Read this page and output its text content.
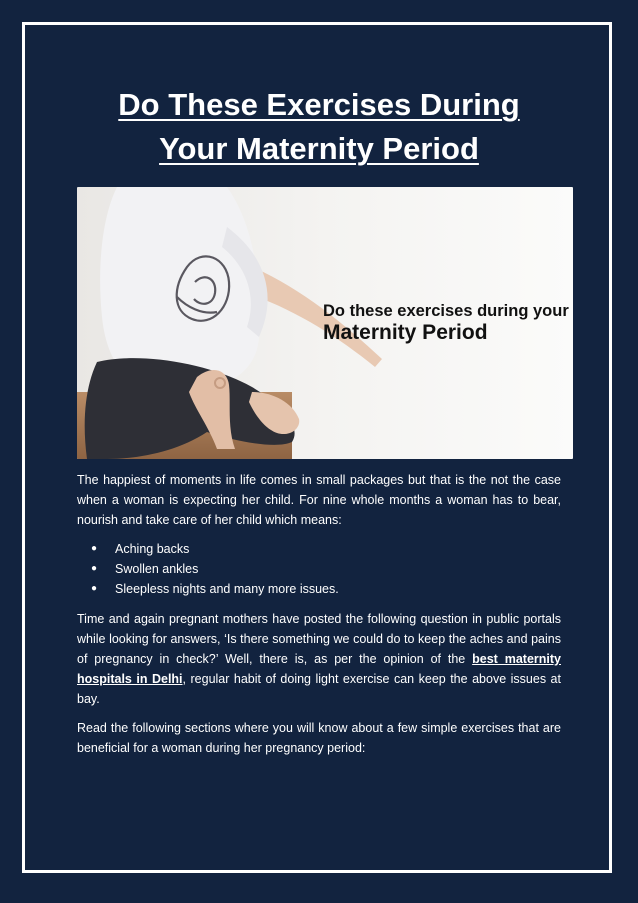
Do These Exercises During
Your Maternity Period
Do these exercises during your
Maternity Period

The happiest of moments in life comes in small packages but that is the not the case when a woman is expecting her child. For nine whole months a woman has to bear, nourish and take care of her child which means:

● Aching backs
● Swollen ankles
● Sleepless nights and many more issues.

Time and again pregnant mothers have posted the following question in public portals while looking for answers, ‘Is there something we could do to keep the aches and pains of pregnancy in check?’ Well, there is, as per the opinion of the best maternity hospitals in Delhi, regular habit of doing light exercise can keep the above issues at bay.

Read the following sections where you will know about a few simple exercises that are beneficial for a woman during her pregnancy period:
